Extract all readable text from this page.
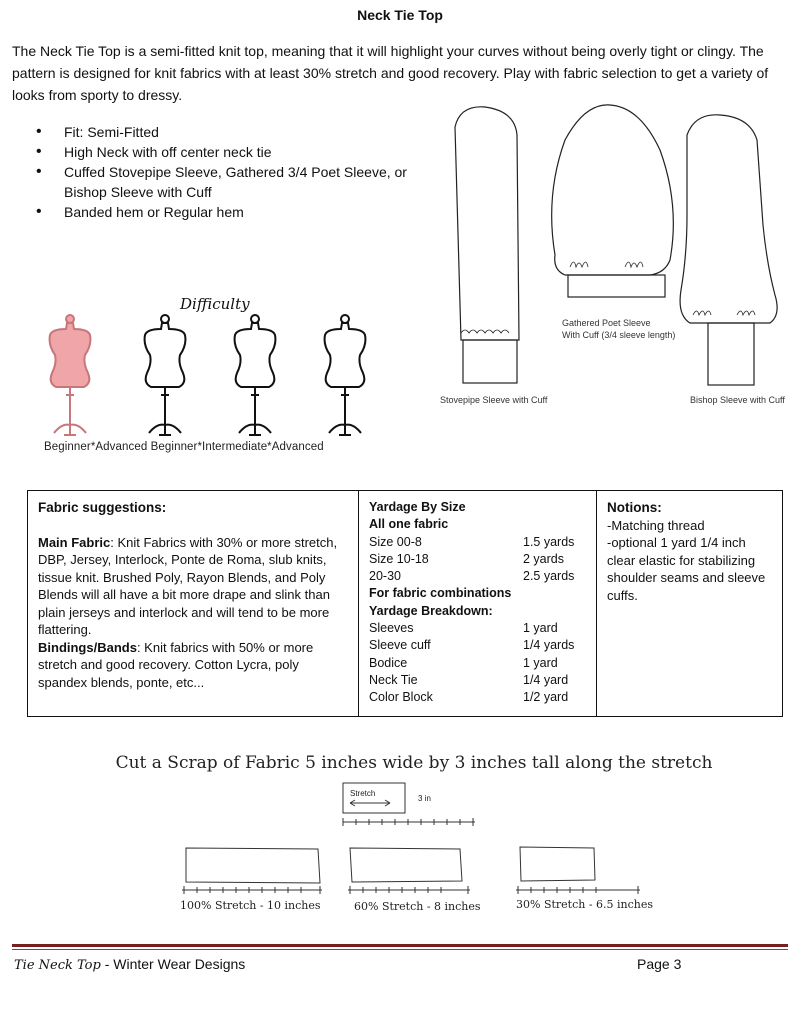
Neck Tie Top
The Neck Tie Top is a semi-fitted knit top, meaning that it will highlight your curves without being overly tight or clingy. The pattern is designed for knit fabrics with at least 30% stretch and good recovery. Play with fabric selection to get a variety of looks from sporty to dressy.
• Fit: Semi-Fitted
• High Neck with off center neck tie
• Cuffed Stovepipe Sleeve, Gathered 3/4 Poet Sleeve, or Bishop Sleeve with Cuff
• Banded hem or Regular hem
Stovepipe Sleeve with Cuff
Gathered Poet Sleeve
With Cuff (3/4 sleeve length)
Bishop Sleeve with Cuff
Difficulty
Beginner*Advanced Beginner*Intermediate*Advanced
Fabric suggestions:
Main Fabric: Knit Fabrics with 30% or more stretch, DBP, Jersey, Interlock, Ponte de Roma, slub knits, tissue knit. Brushed Poly, Rayon Blends, and Poly Blends will all have a bit more drape and slink than plain jerseys and interlock and will tend to be more flattering.
Bindings/Bands: Knit fabrics with 50% or more stretch and good recovery. Cotton Lycra, poly spandex blends, ponte, etc...
Yardage By Size
All one fabric
Size 00-8	1.5 yards
Size 10-18	2 yards
20-30	2.5 yards
For fabric combinations
Yardage Breakdown:
Sleeves	1 yard
Sleeve cuff	1/4 yards
Bodice	1 yard
Neck Tie	1/4 yard
Color Block	1/2 yard
Notions:
-Matching thread
-optional 1 yard 1/4 inch clear elastic for stabilizing shoulder seams and sleeve cuffs.
Cut a Scrap of Fabric 5 inches wide by 3 inches tall along the stretch
Stretch
3 in
100% Stretch - 10 inches	60% Stretch - 8 inches	30% Stretch - 6.5 inches
Tie Neck Top - Winter Wear Designs	Page 3
